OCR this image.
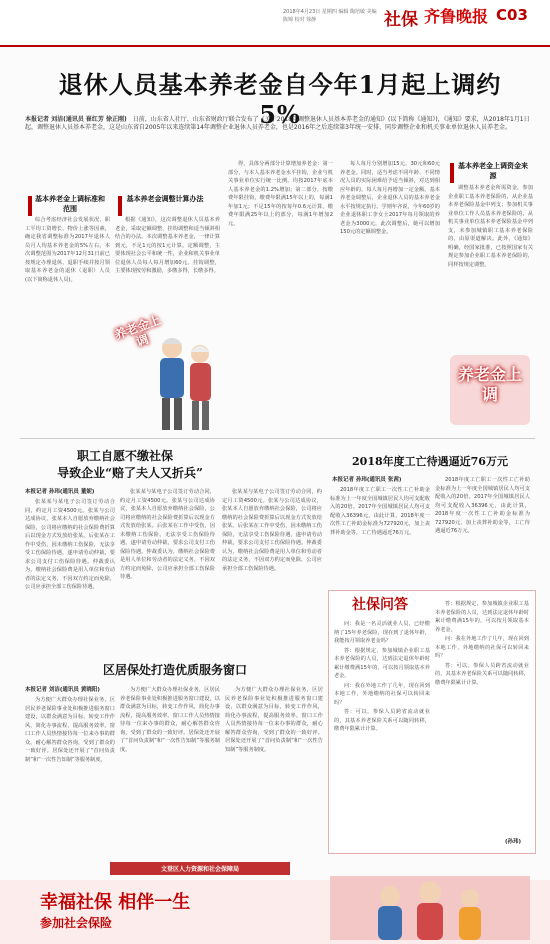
2018年4月23日 星期四 编辑 陶培敏 美编 陈锦 校对 徐静	社保 齐鲁晚报 C03
退休人员基本养老金自今年1月起上调约5%
本报记者 刘洁(通讯员 崔红芳 徐正刚) 日前，山东省人社厅、山东省财政厅联合发布了《关于2018年调整退休人员基本养老金的通知》(以下简称《通知》)，《通知》要求，从2018年1月1日起，调整退休人员基本养老金，这是山东省自2005年以来连续第14年调整企业退休人员养老金，也是2016年之后连续第3年统一安排、同步调整企业和机关事业单位退休人员养老金。
基本养老金上调标准和范围

综合考虑经济社会发展状况、职工平均工资增长、物价上涨等因素，确定我省调整标准为2017年退休人员月人均基本养老金的5%左右。本次调整范围为2017年12月31日前已按规定办理退休、退职手续并按月领取基本养老金的退休（退职）人员(以下简称退休人员)。

基本养老金调整计算办法

根据《通知》，这次调整退休人员基本养老金，采取定额调整、挂钩调整和适当倾斜相结合的办法。本次调整基本养老金，一律计算到元，不足1元的按1元计算。定额调整，主要体现社会公平和统一性，企业和机关事业单位退休人员每人每月增加60元。挂钩调整，主要体现按劳和激励，多缴多得，长缴多得。

养老金上调

得，具体分两部分计算增加养老金：第一部分，与本人基本养老金水平挂钩，企业与机关事业单位实行统一比例。均按2017年底本人基本养老金的1.2%增加；第二部分，按缴费年限挂钩，缴费年限满15年以上的，每满1年加1元；不足15年的按每年0.6元计算，缴费年限满25年以上的部分，每满1年增加2元。

每人每月分别增加15元、30元和60元养老金。同时，适当考虑不同年龄、不同情况人员的实际困难给予适当倾斜，对达到相应年龄的，每人每月再增加一定金额。基本养老金调整后，企业退休人员的基本养老金水平按规定执行。学则年齐说，今年60岁的企业退休职工李女士2017年每月领取的养老金为3000元，此次调整后，她可以增加150元的定额调整金。

基本养老金上调资金来源

调整基本养老金所需资金，参加企业职工基本养老保险的，从企业基本养老保险基金中列支；参加机关事业单位工作人员基本养老保险的，从机关事业单位基本养老保险基金中列支，未参加城镇职工基本养老保险的，由原渠道解决。此外，《通知》明确，经国家批准，已按照国家有关规定参加企业职工基本养老保险的，同样按规定调整。

养老金上调
职工自愿不缴社保
导致企业“赔了夫人又折兵”
本报记者 孙玮(通讯员 董妮)

张某某与某电子公司签订劳动合同，约定月工资4500元。张某与公司达成协议，张某本人自愿放弃缴纳社会保险，公司将应缴纳的社会保险费折算后以现金方式发放给张某。后张某在工作中受伤，因未缴纳工伤保险，无法享受工伤保险待遇，遂申请劳动仲裁，要求公司支付工伤保险待遇。仲裁委认为，缴纳社会保险费是用人单位和劳动者的法定义务，不因双方约定而免除，公司应承担全部工伤保险待遇。

张某某与某电子公司签订劳动合同，约定月工资4500元。张某与公司达成协议，张某本人自愿放弃缴纳社会保险，公司将应缴纳的社会保险费折算后以现金方式发放给张某。后张某在工作中受伤，因未缴纳工伤保险，无法享受工伤保险待遇，遂申请劳动仲裁，要求公司支付工伤保险待遇。仲裁委认为，缴纳社会保险费是用人单位和劳动者的法定义务，不因双方约定而免除，公司应承担全部工伤保险待遇。

张某某与某电子公司签订劳动合同，约定月工资4500元。张某与公司达成协议，张某本人自愿放弃缴纳社会保险，公司将应缴纳的社会保险费折算后以现金方式发放给张某。后张某在工作中受伤，因未缴纳工伤保险，无法享受工伤保险待遇，遂申请劳动仲裁，要求公司支付工伤保险待遇。仲裁委认为，缴纳社会保险费是用人单位和劳动者的法定义务，不因双方约定而免除，公司应承担全部工伤保险待遇。

2018年度工亡待遇逼近76万元
本报记者 孙玮(通讯员 张茜)

2018年度工亡职工一次性工亡补助金标准为上一年度全国城镇居民人均可支配收入的20倍。2017年全国城镇居民人均可支配收入36396元，由此计算，2018年度一次性工亡补助金标准为727920元，加上丧葬补助金等，工亡待遇逼近76万元。

2018年度工亡职工一次性工亡补助金标准为上一年度全国城镇居民人均可支配收入的20倍。2017年全国城镇居民人均可支配收入36396元，由此计算，2018年度一次性工亡补助金标准为727920元，加上丧葬补助金等，工亡待遇逼近76万元。

社保问答

问：我是一名灵活就业人员，已经缴纳了15年养老保险，现在到了退休年龄，我能按月领取养老金吗？

答：根据规定，参加城镇企业职工基本养老保险的人员，达到法定退休年龄时累计缴费满15年的，可以按月领取基本养老金。

问：我在外地工作了几年，现在回到本地工作，外地缴纳的社保可以转回来吗？

答：可以。参保人员跨省流动就业的，其基本养老保险关系可以随同转移，缴费年限累计计算。

答：根据规定，参加城镇企业职工基本养老保险的人员，达到法定退休年龄时累计缴费满15年的，可以按月领取基本养老金。

问：我在外地工作了几年，现在回到本地工作，外地缴纳的社保可以转回来吗？

答：可以。参保人员跨省流动就业的，其基本养老保险关系可以随同转移，缴费年限累计计算。

(孙玮)
区居保处打造优质服务窗口
本报记者 刘洁(通讯员 黄晓阳)

为方便广大群众办理社保业务，区居民养老保险事业处积极推进服务窗口建设，以群众满意为目标，转变工作作风，简化办事流程，提高服务效率。窗口工作人员热情接待每一位来办事的群众，耐心解答群众咨询，受到了群众的一致好评。居保处还开展了“首问负责制”和“一次性告知制”等服务制度。

为方便广大群众办理社保业务，区居民养老保险事业处积极推进服务窗口建设，以群众满意为目标，转变工作作风，简化办事流程，提高服务效率。窗口工作人员热情接待每一位来办事的群众，耐心解答群众咨询，受到了群众的一致好评。居保处还开展了“首问负责制”和“一次性告知制”等服务制度。

为方便广大群众办理社保业务，区居民养老保险事业处积极推进服务窗口建设，以群众满意为目标，转变工作作风，简化办事流程，提高服务效率。窗口工作人员热情接待每一位来办事的群众，耐心解答群众咨询，受到了群众的一致好评。居保处还开展了“首问负责制”和“一次性告知制”等服务制度。

文登区人力资源和社会保障局
幸福社保 相伴一生
参加社会保险
